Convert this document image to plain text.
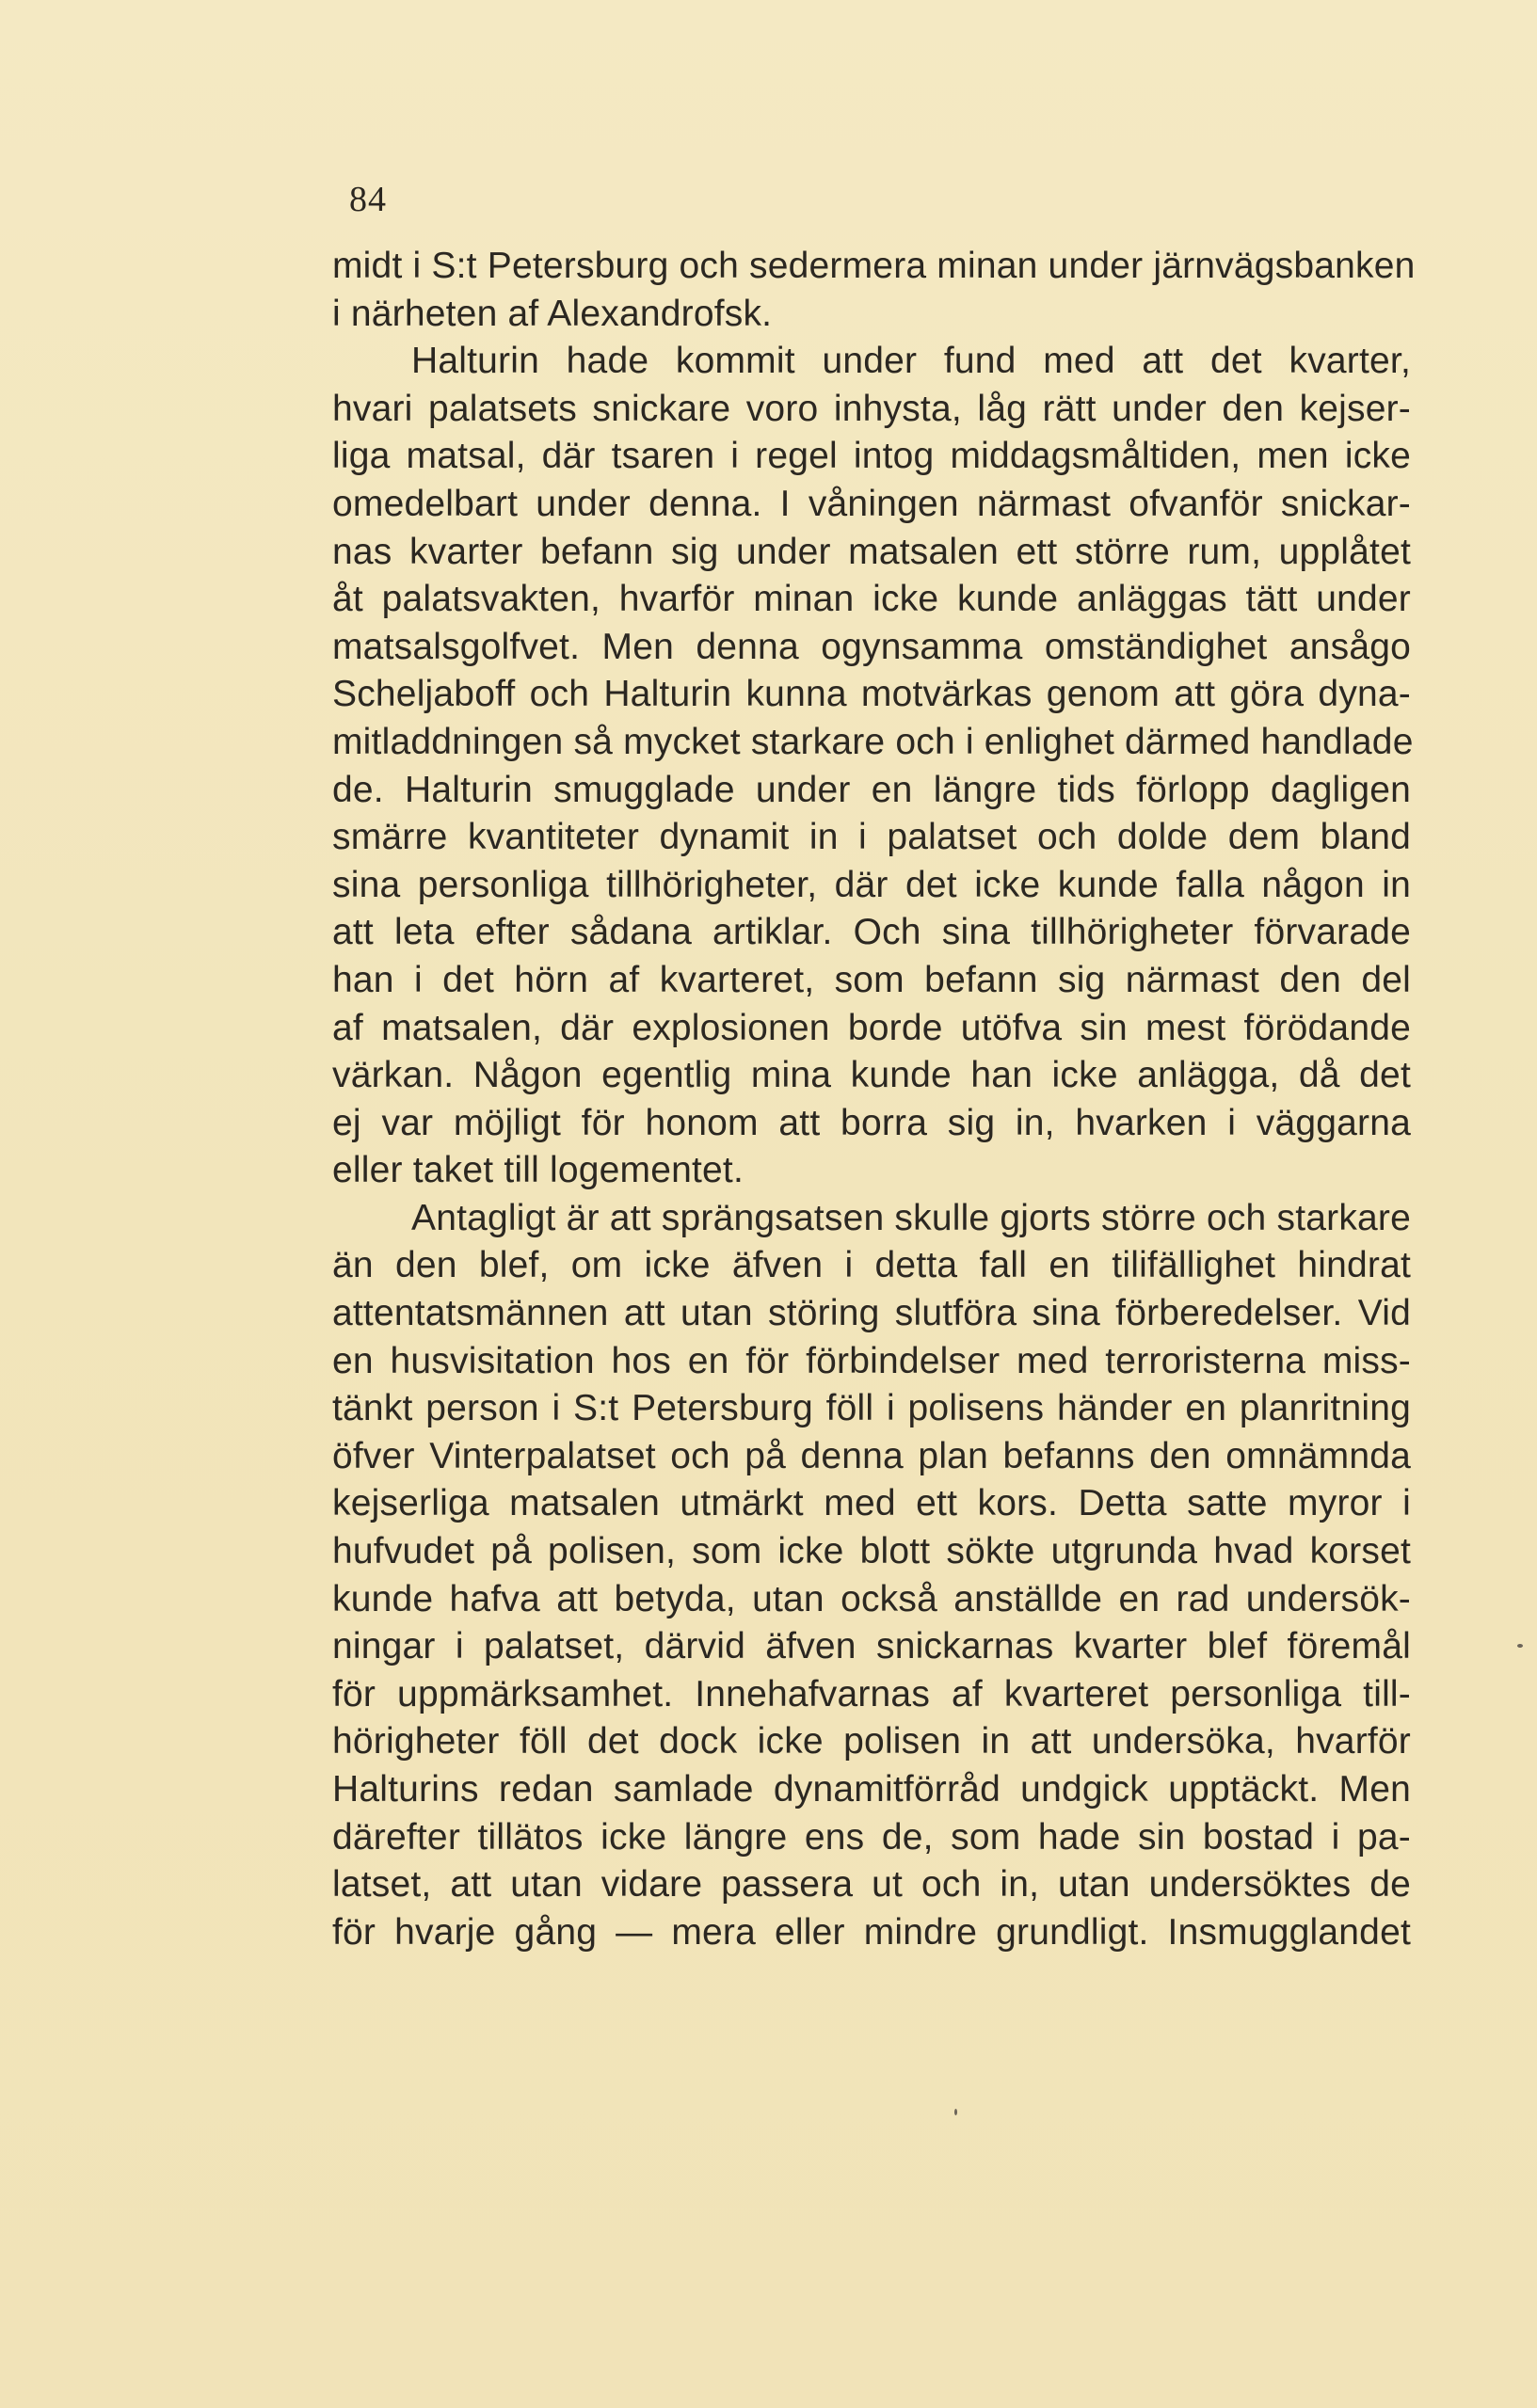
84
midt i S:t Petersburg och sedermera minan under järnvägsbanken
i närheten af Alexandrofsk.
Halturin hade kommit under fund med att det kvarter,
hvari palatsets snickare voro inhysta, låg rätt under den kejser-
liga matsal, där tsaren i regel intog middagsmåltiden, men icke
omedelbart under denna. I våningen närmast ofvanför snickar-
nas kvarter befann sig under matsalen ett större rum, upplåtet
åt palatsvakten, hvarför minan icke kunde anläggas tätt under
matsalsgolfvet. Men denna ogynsamma omständighet ansågo
Scheljaboff och Halturin kunna motvärkas genom att göra dyna-
mitladdningen så mycket starkare och i enlighet därmed handlade
de. Halturin smugglade under en längre tids förlopp dagligen
smärre kvantiteter dynamit in i palatset och dolde dem bland
sina personliga tillhörigheter, där det icke kunde falla någon in
att leta efter sådana artiklar. Och sina tillhörigheter förvarade
han i det hörn af kvarteret, som befann sig närmast den del
af matsalen, där explosionen borde utöfva sin mest förödande
värkan. Någon egentlig mina kunde han icke anlägga, då det
ej var möjligt för honom att borra sig in, hvarken i väggarna
eller taket till logementet.
Antagligt är att sprängsatsen skulle gjorts större och starkare
än den blef, om icke äfven i detta fall en tilifällighet hindrat
attentatsmännen att utan störing slutföra sina förberedelser. Vid
en husvisitation hos en för förbindelser med terroristerna miss-
tänkt person i S:t Petersburg föll i polisens händer en planritning
öfver Vinterpalatset och på denna plan befanns den omnämnda
kejserliga matsalen utmärkt med ett kors. Detta satte myror i
hufvudet på polisen, som icke blott sökte utgrunda hvad korset
kunde hafva att betyda, utan också anställde en rad undersök-
ningar i palatset, därvid äfven snickarnas kvarter blef föremål
för uppmärksamhet. Innehafvarnas af kvarteret personliga till-
hörigheter föll det dock icke polisen in att undersöka, hvarför
Halturins redan samlade dynamitförråd undgick upptäckt. Men
därefter tillätos icke längre ens de, som hade sin bostad i pa-
latset, att utan vidare passera ut och in, utan undersöktes de
för hvarje gång — mera eller mindre grundligt. Insmugglandet
